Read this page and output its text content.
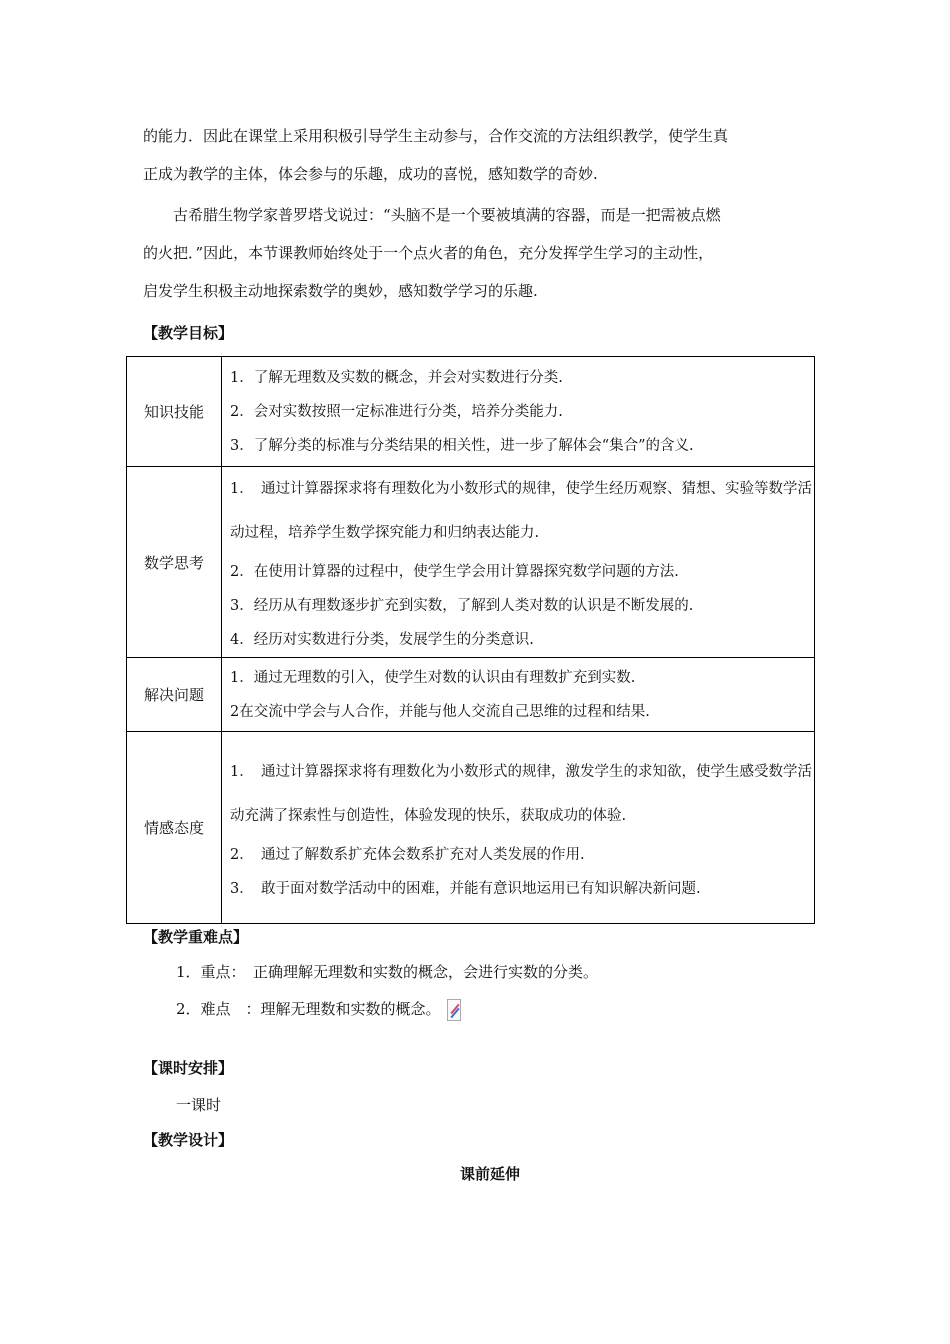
的能力．因此在课堂上采用积极引导学生主动参与，合作交流的方法组织教学，使学生真
正成为教学的主体，体会参与的乐趣，成功的喜悦，感知数学的奇妙.
古希腊生物学家普罗塔戈说过：“头脑不是一个要被填满的容器，而是一把需被点燃
的火把．”因此，本节课教师始终处于一个点火者的角色，充分发挥学生学习的主动性，
启发学生积极主动地探索数学的奥妙，感知数学学习的乐趣.
【教学目标】
知识技能	1．了解无理数及实数的概念，并会对实数进行分类.
2．会对实数按照一定标准进行分类，培养分类能力.
3．了解分类的标准与分类结果的相关性，进一步了解体会“集合”的含义.

数学思考	1．　通过计算器探求将有理数化为小数形式的规律，使学生经历观察、猜想、实验等数学活动过程，培养学生数学探究能力和归纳表达能力.
2．在使用计算器的过程中，使学生学会用计算器探究数学问题的方法.
3．经历从有理数逐步扩充到实数，了解到人类对数的认识是不断发展的.
4．经历对实数进行分类，发展学生的分类意识.

解决问题	1．通过无理数的引入，使学生对数的认识由有理数扩充到实数.
2在交流中学会与人合作，并能与他人交流自己思维的过程和结果.

情感态度	1．　通过计算器探求将有理数化为小数形式的规律，激发学生的求知欲，使学生感受数学活动充满了探索性与创造性，体验发现的快乐，获取成功的体验.
2．　通过了解数系扩充体会数系扩充对人类发展的作用.
3．　敢于面对数学活动中的困难，并能有意识地运用已有知识解决新问题.
【教学重难点】
1．重点：　正确理解无理数和实数的概念，会进行实数的分类。
2．难点　：理解无理数和实数的概念。
【课时安排】
一课时
【教学设计】
课前延伸
